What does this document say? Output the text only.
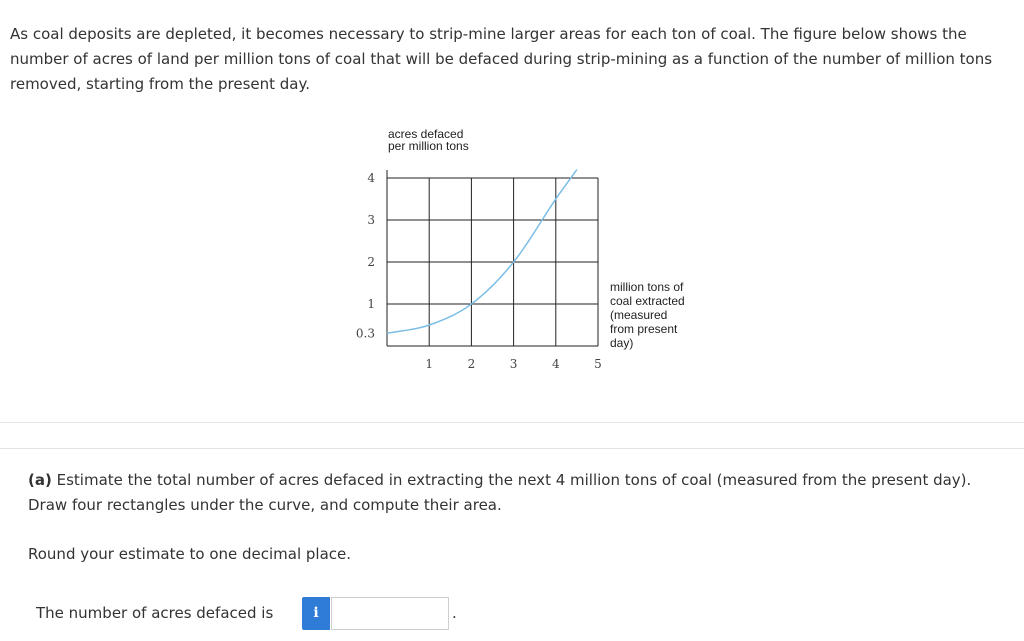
As coal deposits are depleted, it becomes necessary to strip-mine larger areas for each ton of coal. The figure below shows the number of acres of land per million tons of coal that will be defaced during strip-mining as a function of the number of million tons removed, starting from the present day.

0.3
1
2
3
4
1	2	3	4	5
acres defaced
per million tons
million tons of
coal extracted
(measured
from present
day)

(a) Estimate the total number of acres defaced in extracting the next 4 million tons of coal (measured from the present day). Draw four rectangles under the curve, and compute their area.

Round your estimate to one decimal place.

The number of acres defaced is	i	.
